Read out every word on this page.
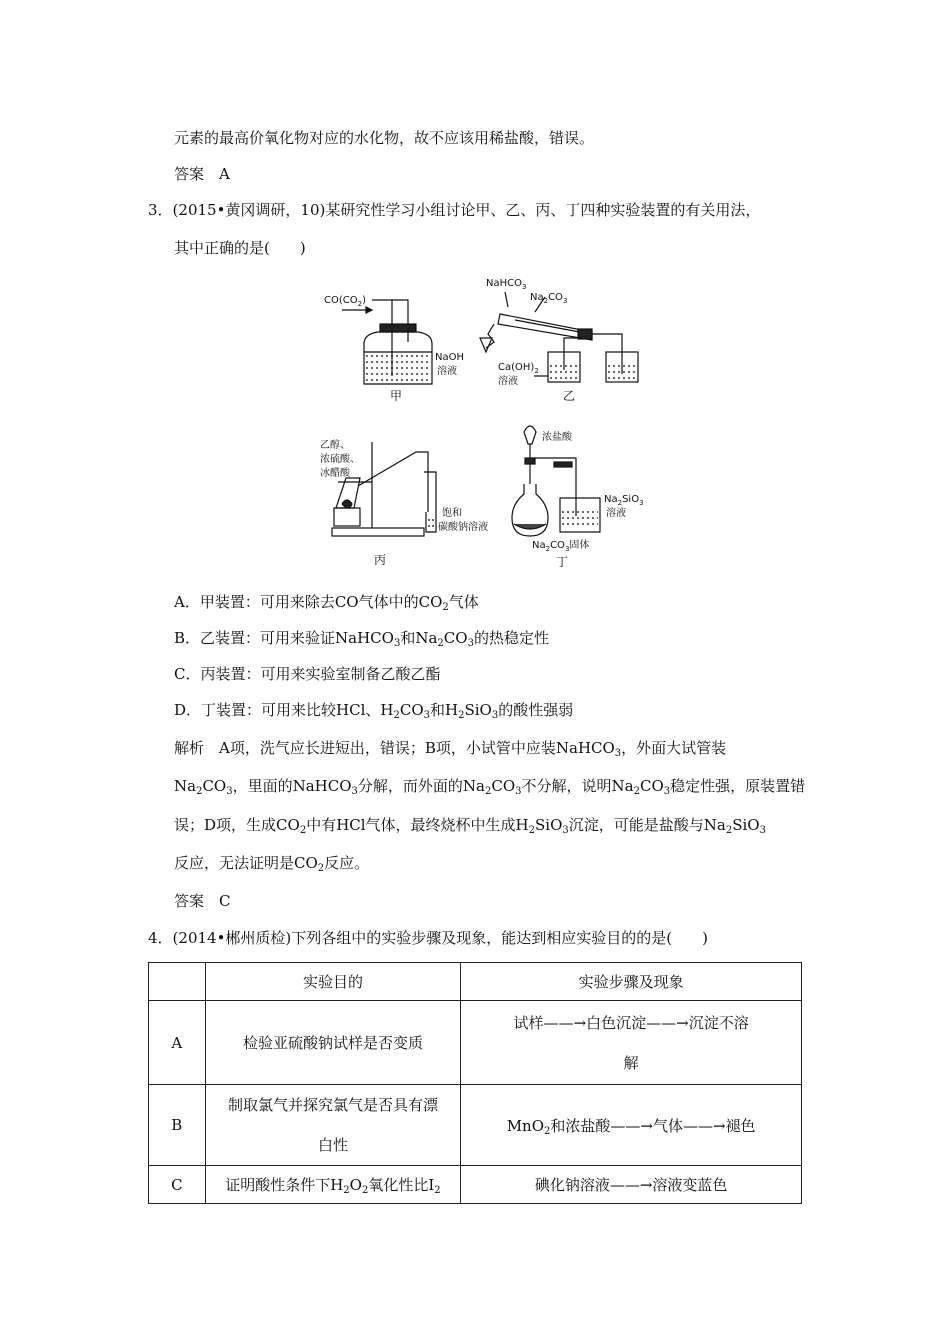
元素的最高价氧化物对应的水化物，故不应该用稀盐酸，错误。
答案　 A
3．(2015•黄冈调研，10)某研究性学习小组讨论甲、乙、丙、丁四种实验装置的有关用法，
其中正确的是(　　)
$CO(CO_2)$
NaOH
溶液
甲
NaHCO$_3$
$Na_2CO_3$
$Ca(OH)_2$
溶液
乙
乙醇、
浓硫酸、
冰醋酸
饱和
碳酸钠溶液
丙
浓盐酸
$Na_2SiO_3$
溶液
$Na_2CO_3$固体
丁
A．甲装置：可用来除去CO气体中的$CO_2$气体
B．乙装置：可用来验证NaHCO$_3$和$Na_2CO_3$的热稳定性
C．丙装置：可用来实验室制备乙酸乙酯
D．丁装置：可用来比较HCl、$H_2CO_3$和$H_2SiO_3$的酸性强弱
解析　A项，洗气应长进短出，错误；B项，小试管中应装NaHCO$_3$，外面大试管装
$Na_2CO_3$，里面的NaHCO$_3$分解，而外面的$Na_2CO_3$不分解，说明$Na_2CO_3$稳定性强，原装置错
误；D项，生成$CO_2$中有HCl气体，最终烧杯中生成$H_2SiO_3$沉淀，可能是盐酸与$Na_2SiO_3$
反应，无法证明是$CO_2$反应。
答案　 C
4．(2014•郴州质检)下列各组中的实验步骤及现象，能达到相应实验目的的是(　　)
	实验目的	实验步骤及现象
A	检验亚硫酸钠试样是否变质	试样——→白色沉淀——→沉淀不溶
解
B	制取氯气并探究氯气是否具有漂
白性	MnO$_2$和浓盐酸——→气体——→褪色
C	证明酸性条件下$H_2O_2$氧化性比$I_2$	碘化钠溶液——→溶液变蓝色
